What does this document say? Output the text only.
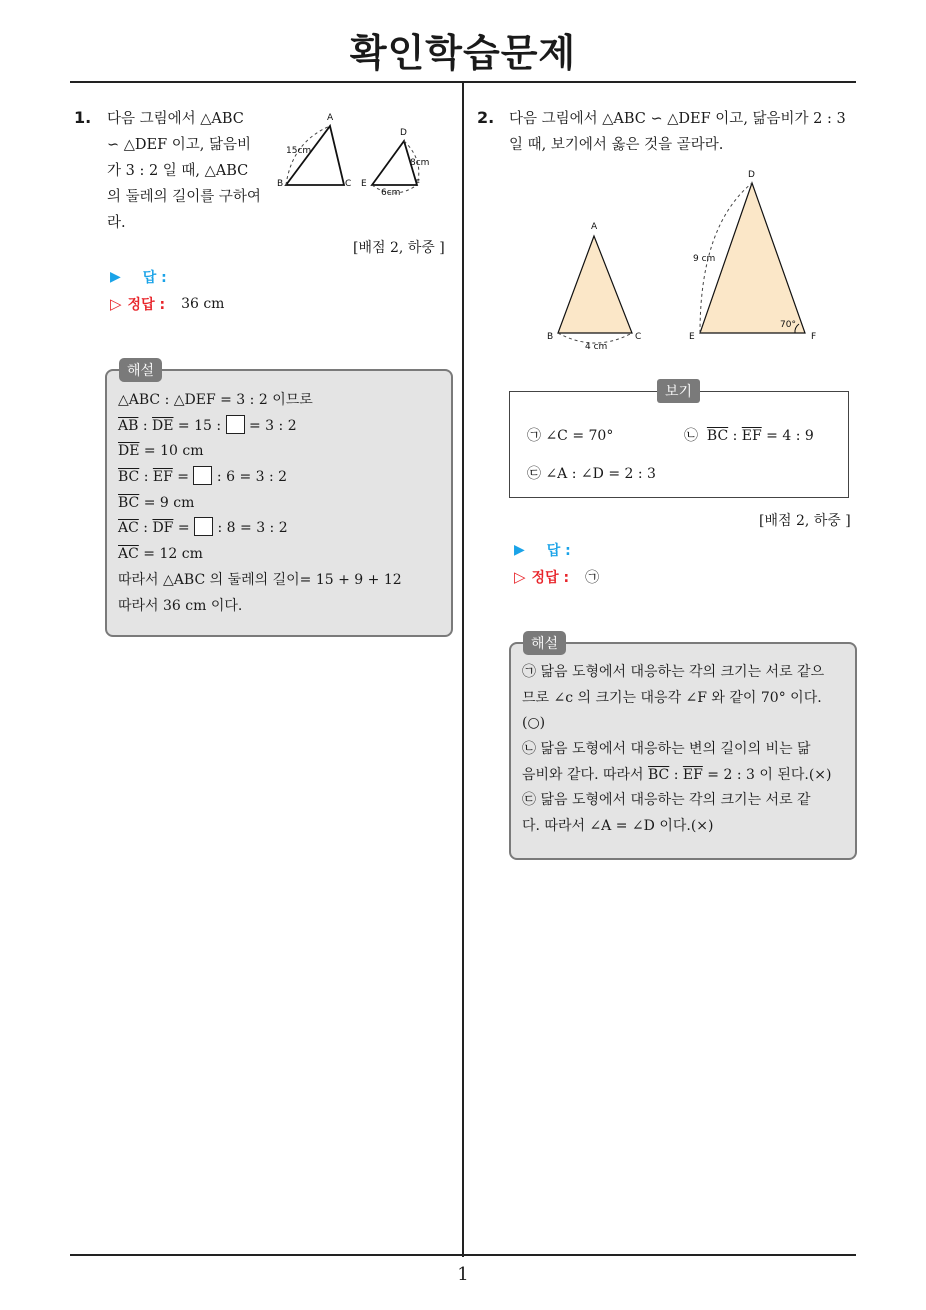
확인학습문제
1
1. 다음 그림에서 △ABC
∽ △DEF 이고, 닮음비
가 3 : 2 일 때, △ABC
의 둘레의 길이를 구하여
라.
A
B	C
D
E	F
15cm
8cm
6cm
[배점 2, 하중 ]
▶ 답 :
▷ 정답 : 36 cm
해설
△ABC : △DEF = 3 : 2 이므로
$\overline{AB}$ : $\overline{DE} = 15$ :  = 3 : 2
$\overline{DE} = 10$ cm
$\overline{BC}$ : $\overline{EF}$ =  : 6 = 3 : 2
$\overline{BC} = 9$ cm
$\overline{AC}$ : $\overline{DF}$ =  : 8 = 3 : 2
$\overline{AC} = 12$ cm
따라서 △ABC 의 둘레의 길이= 15 + 9 + 12
따라서 36 cm 이다.
2. 다음 그림에서 △ABC ∽ △DEF 이고, 닮음비가 2 : 3
일 때, 보기에서 옳은 것을 골라라.
A
B	C
D
E	F
4 cm
9 cm
70°
보기
㉠ ∠C = 70°	㉡  $\overline{BC}$ : $\overline{EF} = 4$ : 9
㉢ ∠A : ∠D = 2 : 3
[배점 2, 하중 ]
▶ 답 :
▷ 정답 : ㉠
해설
㉠ 닮음 도형에서 대응하는 각의 크기는 서로 같으
므로 ∠c 의 크기는 대응각 ∠F 와 같이 70° 이다.
(○)
㉡ 닮음 도형에서 대응하는 변의 길이의 비는 닮
음비와 같다. 따라서 $\overline{BC}$ : $\overline{EF} = 2$ : 3 이 된다.(×)
㉢ 닮음 도형에서 대응하는 각의 크기는 서로 같
다. 따라서 ∠A = ∠D 이다.(×)
